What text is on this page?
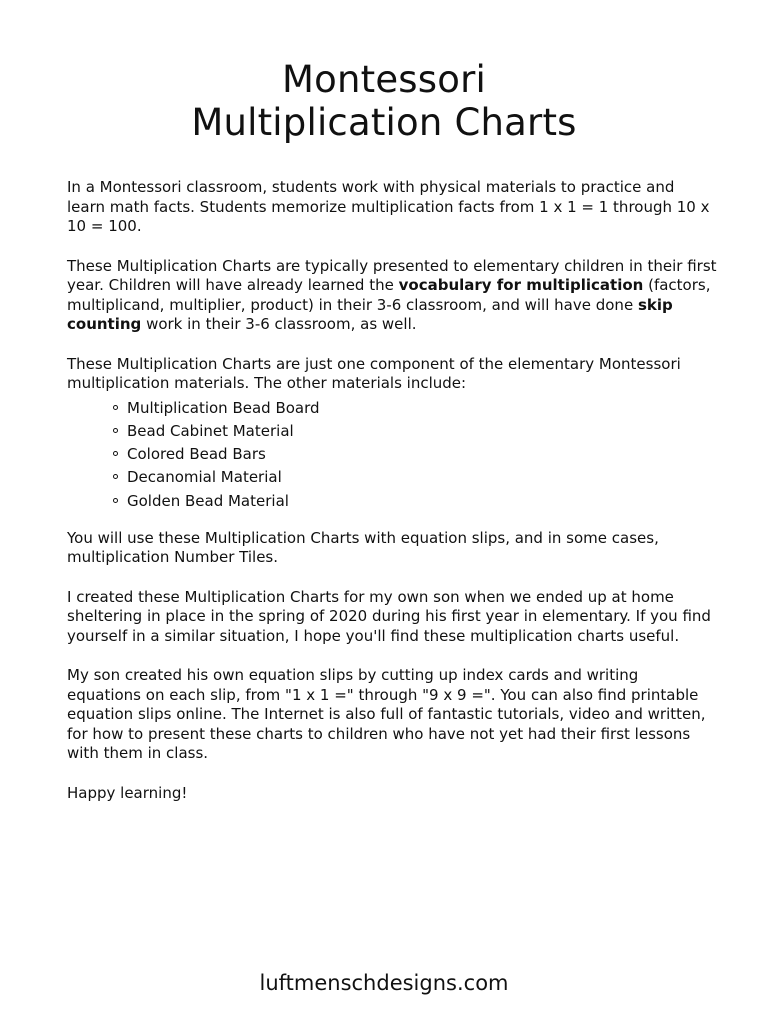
Montessori
Multiplication Charts

In a Montessori classroom, students work with physical materials to practice and learn math facts. Students memorize multiplication facts from 1 x 1 = 1 through 10 x 10 = 100.

These Multiplication Charts are typically presented to elementary children in their first year. Children will have already learned the vocabulary for multiplication (factors, multiplicand, multiplier, product) in their 3-6 classroom, and will have done skip counting work in their 3-6 classroom, as well.

These Multiplication Charts are just one component of the elementary Montessori multiplication materials. The other materials include:

Multiplication Bead Board
Bead Cabinet Material
Colored Bead Bars
Decanomial Material
Golden Bead Material

You will use these Multiplication Charts with equation slips, and in some cases, multiplication Number Tiles.

I created these Multiplication Charts for my own son when we ended up at home sheltering in place in the spring of 2020 during his first year in elementary. If you find yourself in a similar situation, I hope you'll find these multiplication charts useful.

My son created his own equation slips by cutting up index cards and writing equations on each slip, from "1 x 1 =" through "9 x 9 =". You can also find printable equation slips online. The Internet is also full of fantastic tutorials, video and written, for how to present these charts to children who have not yet had their first lessons with them in class.

Happy learning!

luftmenschdesigns.com
